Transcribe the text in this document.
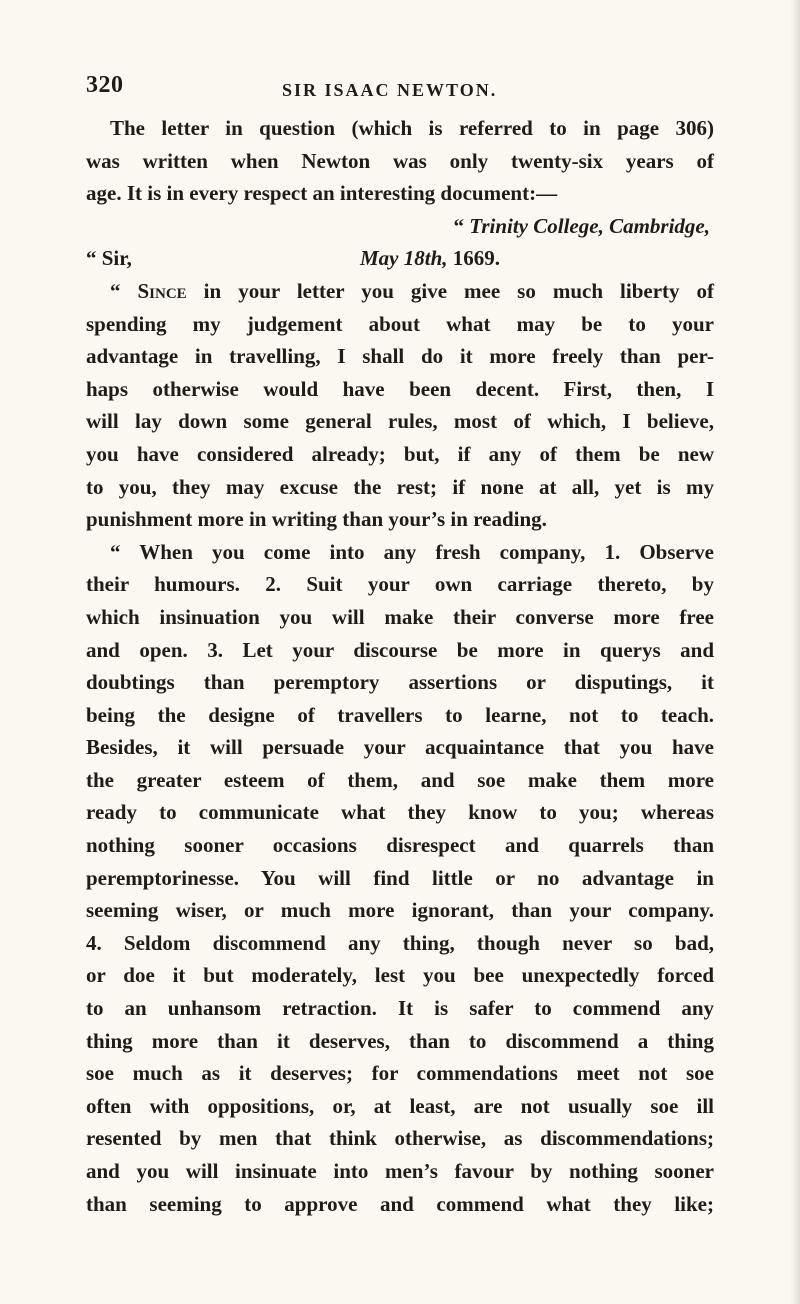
320	SIR ISAAC NEWTON.
The letter in question (which is referred to in page 306)
was written when Newton was only twenty-six years of
age. It is in every respect an interesting document:—
“ Trinity College, Cambridge,
“ Sir,	May 18th, 1669.
“ Since in your letter you give mee so much liberty of
spending my judgement about what may be to your
advantage in travelling, I shall do it more freely than per-
haps otherwise would have been decent. First, then, I
will lay down some general rules, most of which, I believe,
you have considered already; but, if any of them be new
to you, they may excuse the rest; if none at all, yet is my
punishment more in writing than your’s in reading.
“ When you come into any fresh company, 1. Observe
their humours. 2. Suit your own carriage thereto, by
which insinuation you will make their converse more free
and open. 3. Let your discourse be more in querys and
doubtings than peremptory assertions or disputings, it
being the designe of travellers to learne, not to teach.
Besides, it will persuade your acquaintance that you have
the greater esteem of them, and soe make them more
ready to communicate what they know to you; whereas
nothing sooner occasions disrespect and quarrels than
peremptorinesse. You will find little or no advantage in
seeming wiser, or much more ignorant, than your company.
4. Seldom discommend any thing, though never so bad,
or doe it but moderately, lest you bee unexpectedly forced
to an unhansom retraction. It is safer to commend any
thing more than it deserves, than to discommend a thing
soe much as it deserves; for commendations meet not soe
often with oppositions, or, at least, are not usually soe ill
resented by men that think otherwise, as discommendations;
and you will insinuate into men’s favour by nothing sooner
than seeming to approve and commend what they like;
